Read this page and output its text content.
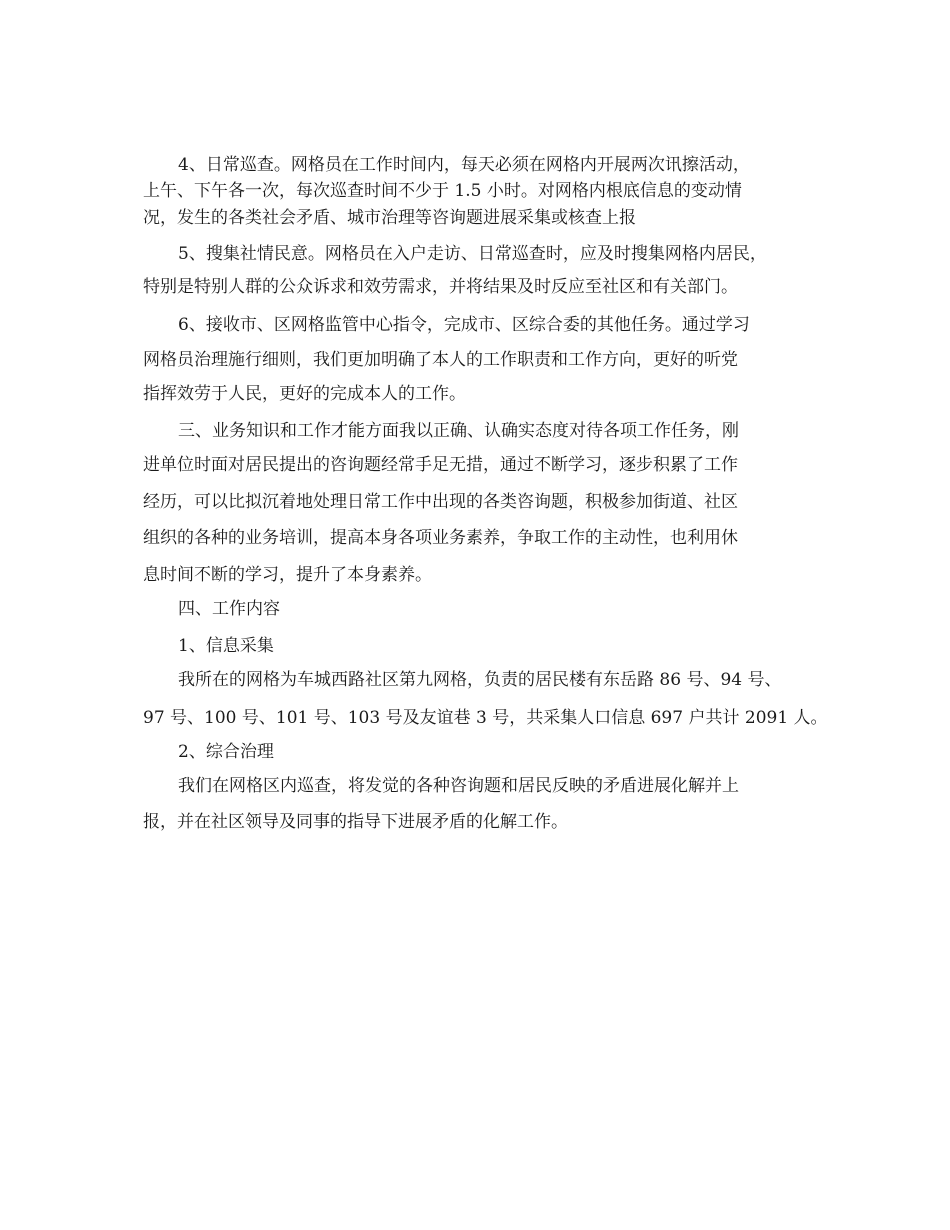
4、日常巡查。网格员在工作时间内，每天必须在网格内开展两次讯擦活动，
上午、下午各一次，每次巡查时间不少于 1.5 小时。对网格内根底信息的变动情
况，发生的各类社会矛盾、城市治理等咨询题进展采集或核查上报
5、搜集社情民意。网格员在入户走访、日常巡查时，应及时搜集网格内居民，
特别是特别人群的公众诉求和效劳需求，并将结果及时反应至社区和有关部门。
6、接收市、区网格监管中心指令，完成市、区综合委的其他任务。通过学习
网格员治理施行细则，我们更加明确了本人的工作职责和工作方向，更好的听党
指挥效劳于人民，更好的完成本人的工作。
三、业务知识和工作才能方面我以正确、认确实态度对待各项工作任务，刚
进单位时面对居民提出的咨询题经常手足无措，通过不断学习，逐步积累了工作
经历，可以比拟沉着地处理日常工作中出现的各类咨询题，积极参加街道、社区
组织的各种的业务培训，提高本身各项业务素养，争取工作的主动性，也利用休
息时间不断的学习，提升了本身素养。
四、工作内容
1、信息采集
我所在的网格为车城西路社区第九网格，负责的居民楼有东岳路 86 号、94 号、
97 号、100 号、101 号、103 号及友谊巷 3 号，共采集人口信息 697 户共计 2091 人。
2、综合治理
我们在网格区内巡查，将发觉的各种咨询题和居民反映的矛盾进展化解并上
报，并在社区领导及同事的指导下进展矛盾的化解工作。
